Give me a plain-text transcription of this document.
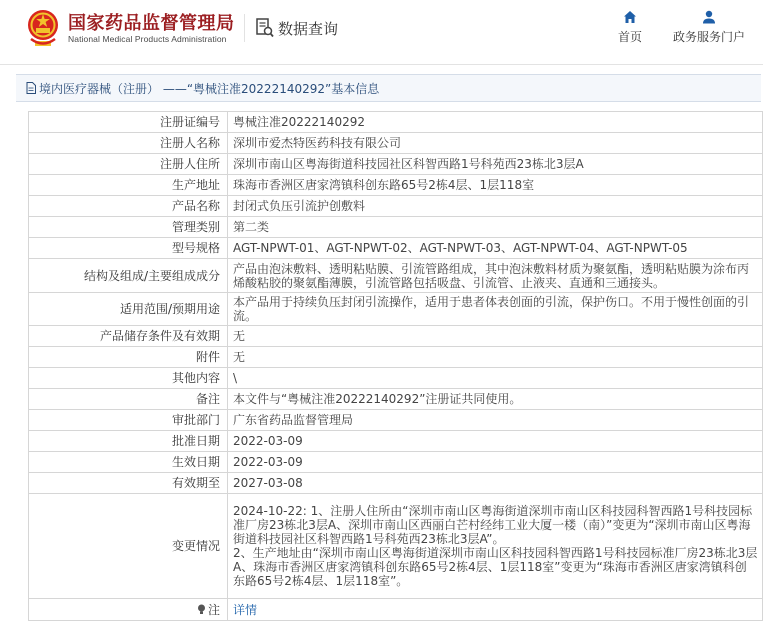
国家药品监督管理局
National Medical Products Administration
数据查询	首页	政务服务门户
境内医疗器械（注册） ——“粤械注准20222140292”基本信息
注册证编号	粤械注准20222140292
注册人名称	深圳市爱杰特医药科技有限公司
注册人住所	深圳市南山区粤海街道科技园社区科智西路1号科苑西23栋北3层A
生产地址	珠海市香洲区唐家湾镇科创东路65号2栋4层、1层118室
产品名称	封闭式负压引流护创敷料
管理类别	第二类
型号规格	AGT-NPWT-01、AGT-NPWT-02、AGT-NPWT-03、AGT-NPWT-04、AGT-NPWT-05
结构及组成/主要组成成分	产品由泡沫敷料、透明粘贴膜、引流管路组成，其中泡沫敷料材质为聚氨酯，透明粘贴膜为涂布丙烯酸粘胶的聚氨酯薄膜，引流管路包括吸盘、引流管、止液夹、直通和三通接头。
适用范围/预期用途	本产品用于持续负压封闭引流操作，适用于患者体表创面的引流，保护伤口。不用于慢性创面的引流。
产品储存条件及有效期	无
附件	无
其他内容	\
备注	本文件与“粤械注准20222140292”注册证共同使用。
审批部门	广东省药品监督管理局
批准日期	2022-03-09
生效日期	2022-03-09
有效期至	2027-03-08
变更情况	2024-10-22: 1、注册人住所由“深圳市南山区粤海街道深圳市南山区科技园科智西路1号科技园标准厂房23栋北3层A、深圳市南山区西丽白芒村经纬工业大厦一楼（南）”变更为“深圳市南山区粤海街道科技园社区科智西路1号科苑西23栋北3层A”。
2、生产地址由“深圳市南山区粤海街道深圳市南山区科技园科智西路1号科技园标准厂房23栋北3层A、珠海市香洲区唐家湾镇科创东路65号2栋4层、1层118室”变更为“珠海市香洲区唐家湾镇科创东路65号2栋4层、1层118室”。

注	详情
